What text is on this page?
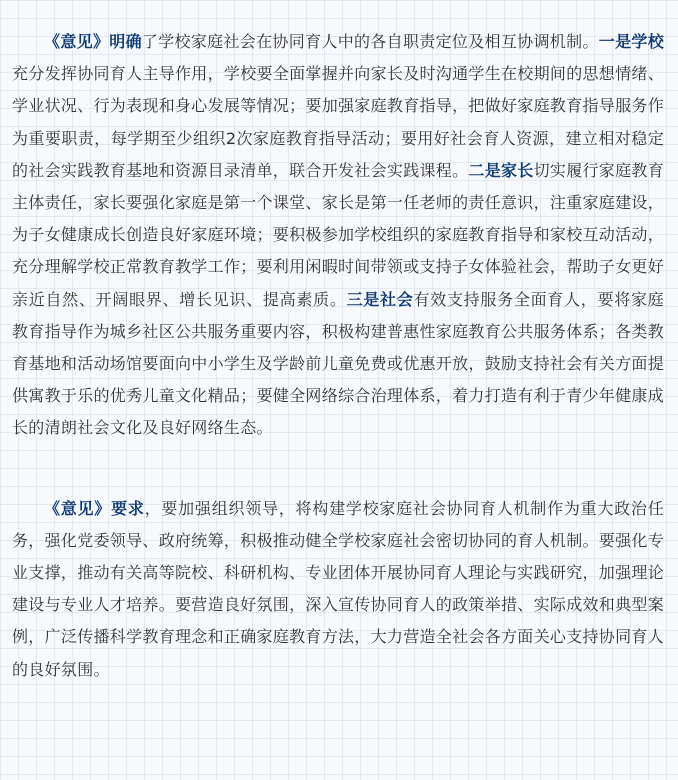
《意见》明确了学校家庭社会在协同育人中的各自职责定位及相互协调机制。一是学校充分发挥协同育人主导作用，学校要全面掌握并向家长及时沟通学生在校期间的思想情绪、学业状况、行为表现和身心发展等情况；要加强家庭教育指导，把做好家庭教育指导服务作为重要职责，每学期至少组织2次家庭教育指导活动；要用好社会育人资源，建立相对稳定的社会实践教育基地和资源目录清单，联合开发社会实践课程。二是家长切实履行家庭教育主体责任，家长要强化家庭是第一个课堂、家长是第一任老师的责任意识，注重家庭建设，为子女健康成长创造良好家庭环境；要积极参加学校组织的家庭教育指导和家校互动活动，充分理解学校正常教育教学工作；要利用闲暇时间带领或支持子女体验社会，帮助子女更好亲近自然、开阔眼界、增长见识、提高素质。三是社会有效支持服务全面育人，要将家庭教育指导作为城乡社区公共服务重要内容，积极构建普惠性家庭教育公共服务体系；各类教育基地和活动场馆要面向中小学生及学龄前儿童免费或优惠开放，鼓励支持社会有关方面提供寓教于乐的优秀儿童文化精品；要健全网络综合治理体系，着力打造有利于青少年健康成长的清朗社会文化及良好网络生态。

《意见》要求，要加强组织领导，将构建学校家庭社会协同育人机制作为重大政治任务，强化党委领导、政府统筹，积极推动健全学校家庭社会密切协同的育人机制。要强化专业支撑，推动有关高等院校、科研机构、专业团体开展协同育人理论与实践研究，加强理论建设与专业人才培养。要营造良好氛围，深入宣传协同育人的政策举措、实际成效和典型案例，广泛传播科学教育理念和正确家庭教育方法，大力营造全社会各方面关心支持协同育人的良好氛围。
